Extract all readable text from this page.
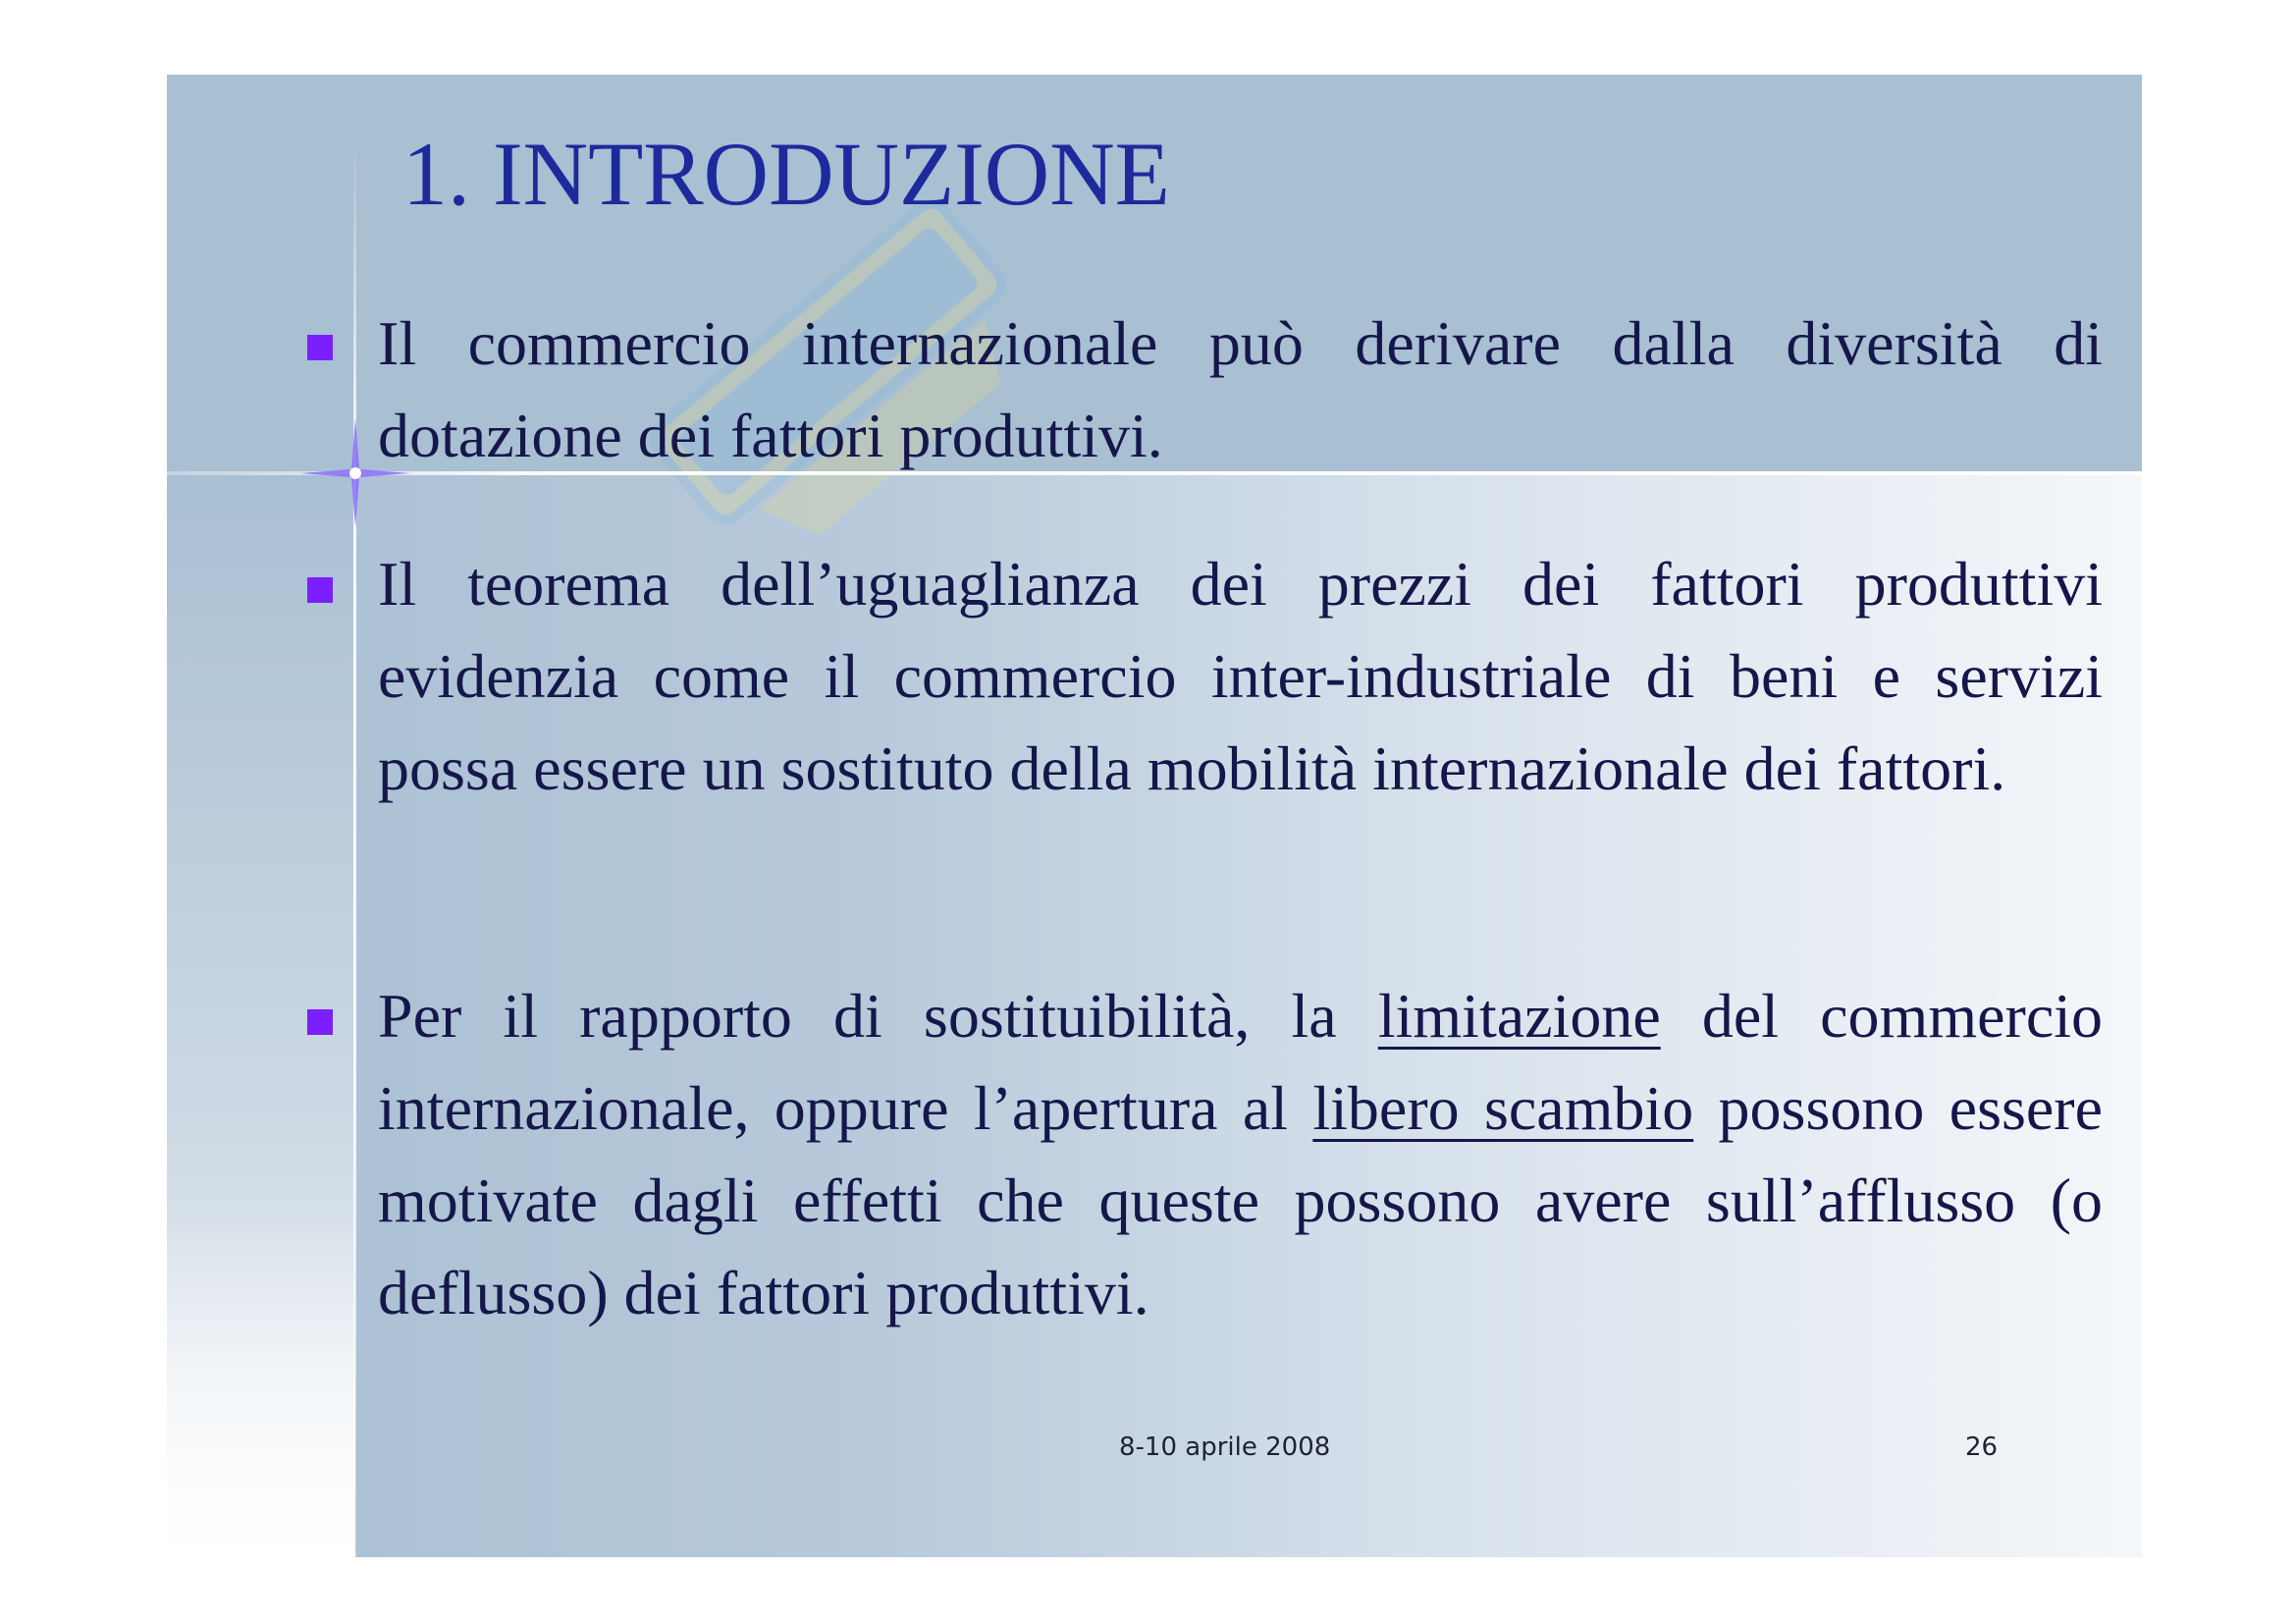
1. INTRODUZIONE

Il commercio internazionale può derivare dalla diversità di dotazione dei fattori produttivi.

Il teorema dell’uguaglianza dei prezzi dei fattori produttivi evidenzia come il commercio inter-industriale di beni e servizi possa essere un sostituto della mobilità internazionale dei fattori.

Per il rapporto di sostituibilità, la limitazione del commercio internazionale, oppure l’apertura al libero scambio possono essere motivate dagli effetti che queste possono avere sull’afflusso (o deflusso) dei fattori produttivi.

8-10 aprile 2008	26
